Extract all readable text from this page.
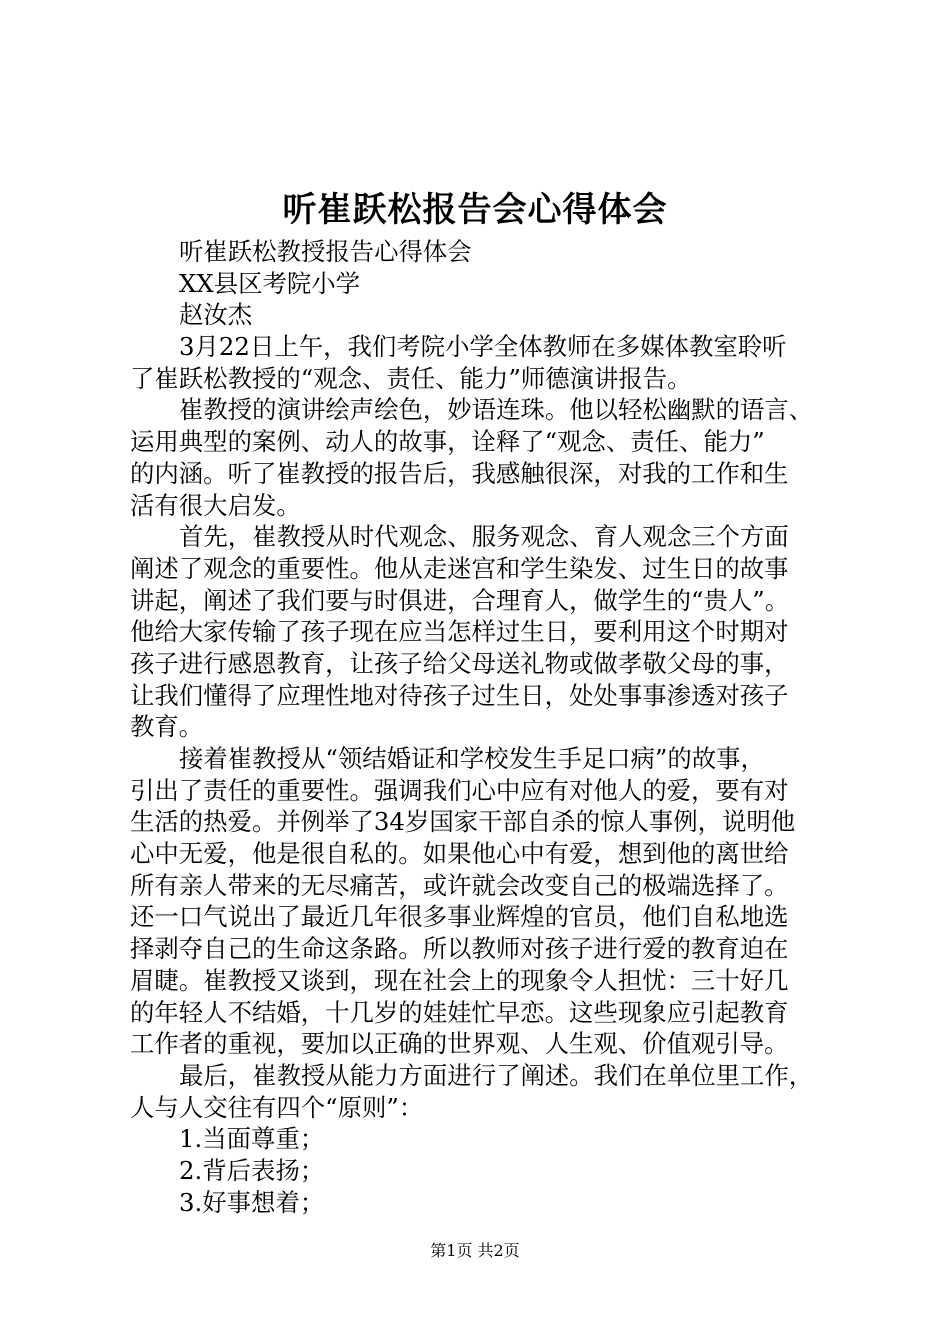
听崔跃松报告会心得体会
听崔跃松教授报告心得体会
XX县区考院小学
赵汝杰
3月22日上午，我们考院小学全体教师在多媒体教室聆听
了崔跃松教授的“观念、责任、能力”师德演讲报告。
崔教授的演讲绘声绘色，妙语连珠。他以轻松幽默的语言、
运用典型的案例、动人的故事，诠释了“观念、责任、能力”
的内涵。听了崔教授的报告后，我感触很深，对我的工作和生
活有很大启发。
首先，崔教授从时代观念、服务观念、育人观念三个方面
阐述了观念的重要性。他从走迷宫和学生染发、过生日的故事
讲起，阐述了我们要与时俱进，合理育人，做学生的“贵人”。
他给大家传输了孩子现在应当怎样过生日，要利用这个时期对
孩子进行感恩教育，让孩子给父母送礼物或做孝敬父母的事，
让我们懂得了应理性地对待孩子过生日，处处事事渗透对孩子
教育。
接着崔教授从“领结婚证和学校发生手足口病”的故事，
引出了责任的重要性。强调我们心中应有对他人的爱，要有对
生活的热爱。并例举了34岁国家干部自杀的惊人事例，说明他
心中无爱，他是很自私的。如果他心中有爱，想到他的离世给
所有亲人带来的无尽痛苦，或许就会改变自己的极端选择了。
还一口气说出了最近几年很多事业辉煌的官员，他们自私地选
择剥夺自己的生命这条路。所以教师对孩子进行爱的教育迫在
眉睫。崔教授又谈到，现在社会上的现象令人担忧：三十好几
的年轻人不结婚，十几岁的娃娃忙早恋。这些现象应引起教育
工作者的重视，要加以正确的世界观、人生观、价值观引导。
最后，崔教授从能力方面进行了阐述。我们在单位里工作，
人与人交往有四个“原则”：
1.当面尊重；
2.背后表扬；
3.好事想着；
第1页 共2页
